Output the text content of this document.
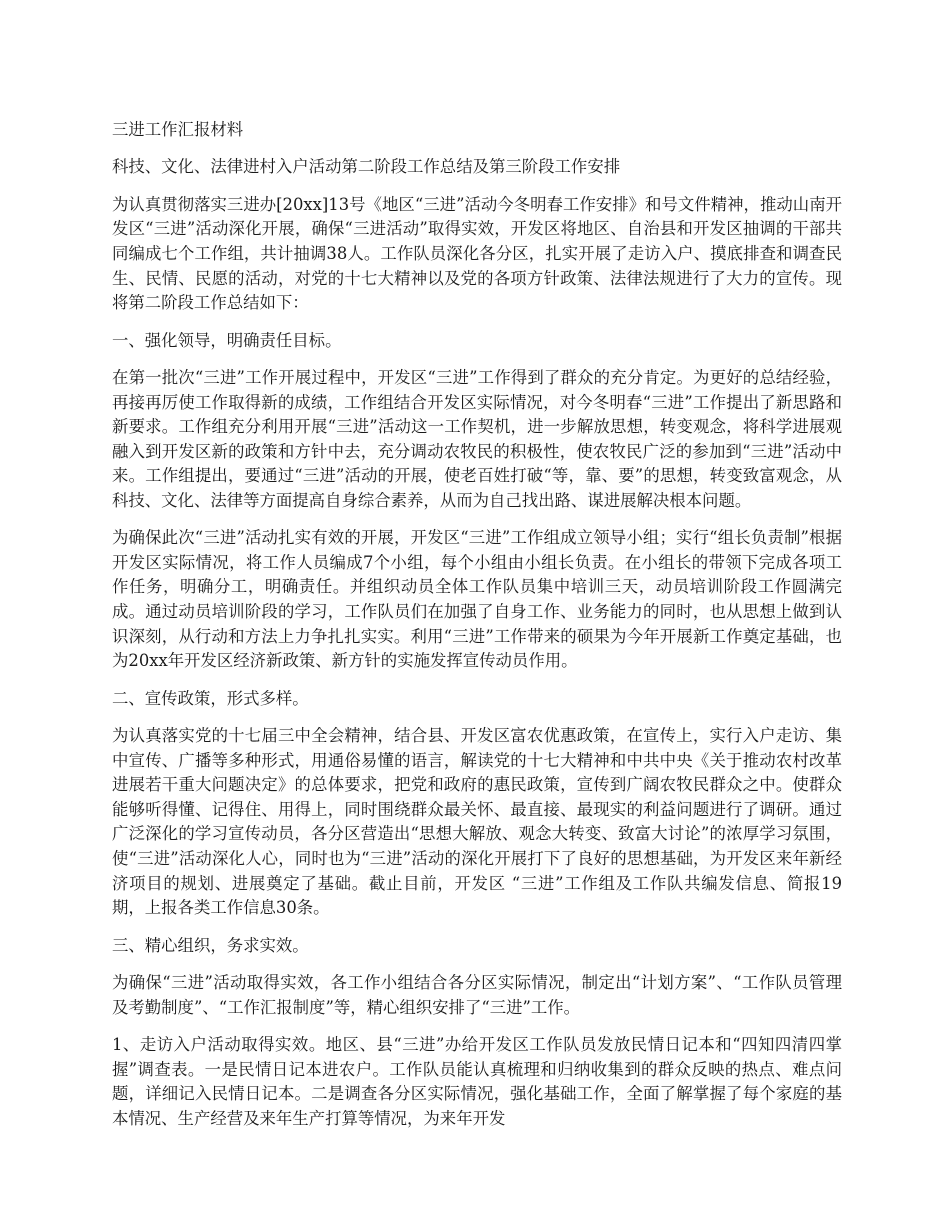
三进工作汇报材料

科技、文化、法律进村入户活动第二阶段工作总结及第三阶段工作安排

为认真贯彻落实三进办[20xx]13号《地区“三进”活动今冬明春工作安排》和号文件精神，推动山南开发区“三进”活动深化开展，确保“三进活动”取得实效，开发区将地区、自治县和开发区抽调的干部共同编成七个工作组，共计抽调38人。工作队员深化各分区，扎实开展了走访入户、摸底排查和调查民生、民情、民愿的活动，对党的十七大精神以及党的各项方针政策、法律法规进行了大力的宣传。现将第二阶段工作总结如下：

一、强化领导，明确责任目标。

在第一批次“三进”工作开展过程中，开发区“三进”工作得到了群众的充分肯定。为更好的总结经验，再接再厉使工作取得新的成绩，工作组结合开发区实际情况，对今冬明春“三进”工作提出了新思路和新要求。工作组充分利用开展“三进”活动这一工作契机，进一步解放思想，转变观念，将科学进展观融入到开发区新的政策和方针中去，充分调动农牧民的积极性，使农牧民广泛的参加到“三进”活动中来。工作组提出，要通过“三进”活动的开展，使老百姓打破“等，靠、要”的思想，转变致富观念，从科技、文化、法律等方面提高自身综合素养，从而为自己找出路、谋进展解决根本问题。

为确保此次“三进”活动扎实有效的开展，开发区“三进”工作组成立领导小组；实行“组长负责制”根据开发区实际情况，将工作人员编成7个小组，每个小组由小组长负责。在小组长的带领下完成各项工作任务，明确分工，明确责任。并组织动员全体工作队员集中培训三天，动员培训阶段工作圆满完成。通过动员培训阶段的学习，工作队员们在加强了自身工作、业务能力的同时，也从思想上做到认识深刻，从行动和方法上力争扎扎实实。利用“三进”工作带来的硕果为今年开展新工作奠定基础，也为20xx年开发区经济新政策、新方针的实施发挥宣传动员作用。

二、宣传政策，形式多样。

为认真落实党的十七届三中全会精神，结合县、开发区富农优惠政策，在宣传上，实行入户走访、集中宣传、广播等多种形式，用通俗易懂的语言，解读党的十七大精神和中共中央《关于推动农村改革进展若干重大问题决定》的总体要求，把党和政府的惠民政策，宣传到广阔农牧民群众之中。使群众能够听得懂、记得住、用得上，同时围绕群众最关怀、最直接、最现实的利益问题进行了调研。通过广泛深化的学习宣传动员，各分区营造出“思想大解放、观念大转变、致富大讨论”的浓厚学习氛围，使“三进”活动深化人心，同时也为“三进”活动的深化开展打下了良好的思想基础，为开发区来年新经济项目的规划、进展奠定了基础。截止目前，开发区 “三进”工作组及工作队共编发信息、简报19期，上报各类工作信息30条。

三、精心组织，务求实效。

为确保“三进”活动取得实效，各工作小组结合各分区实际情况，制定出“计划方案”、“工作队员管理及考勤制度”、“工作汇报制度”等，精心组织安排了“三进”工作。

1、走访入户活动取得实效。地区、县“三进”办给开发区工作队员发放民情日记本和“四知四清四掌握”调查表。一是民情日记本进农户。工作队员能认真梳理和归纳收集到的群众反映的热点、难点问题，详细记入民情日记本。二是调查各分区实际情况，强化基础工作，全面了解掌握了每个家庭的基本情况、生产经营及来年生产打算等情况，为来年开发
